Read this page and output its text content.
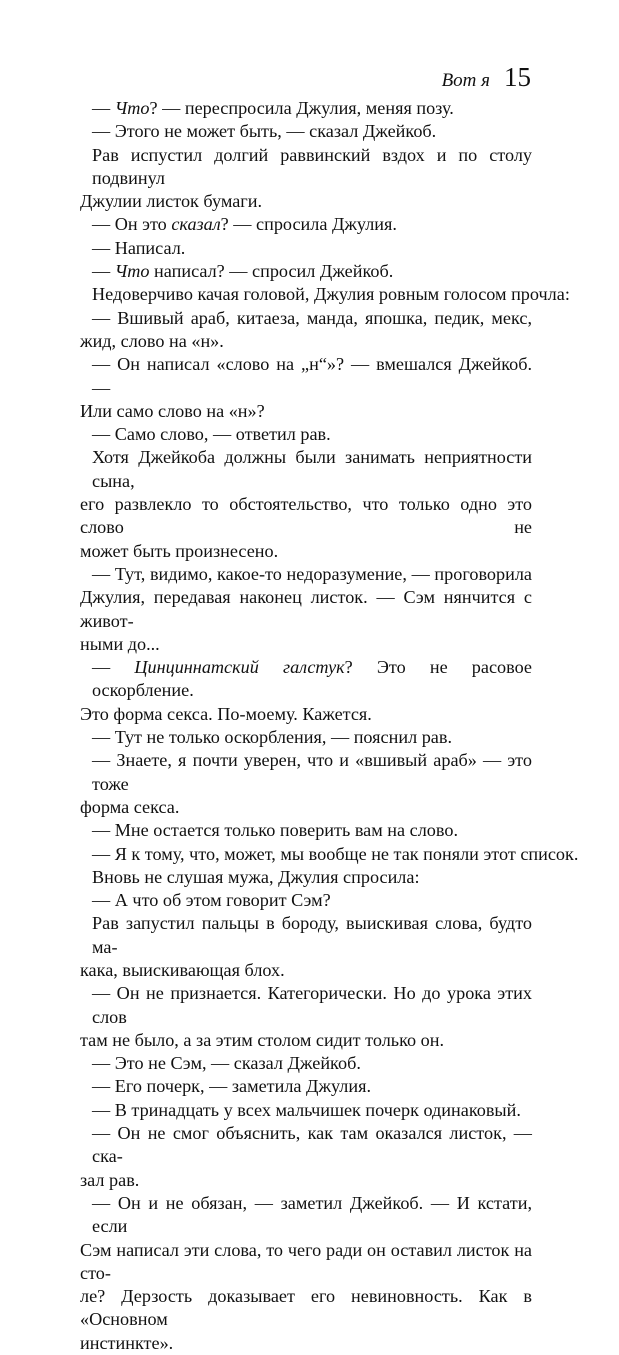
Вот я 15

— Что? — переспросила Джулия, меняя позу.

— Этого не может быть, — сказал Джейкоб.

Рав испустил долгий раввинский вздох и по столу подвинул
Джулии листок бумаги.

— Он это сказал? — спросила Джулия.

— Написал.

— Что написал? — спросил Джейкоб.

Недоверчиво качая головой, Джулия ровным голосом прочла:

— Вшивый араб, китаеза, манда, япошка, педик, мекс,
жид, слово на «н».

— Он написал «слово на „н“»? — вмешался Джейкоб. —
Или само слово на «н»?

— Само слово, — ответил рав.

Хотя Джейкоба должны были занимать неприятности сына,
его развлекло то обстоятельство, что только одно это слово не
может быть произнесено.

— Тут, видимо, какое-то недоразумение, — проговорила
Джулия, передавая наконец листок. — Сэм нянчится с живот-
ными до...

— Цинциннатский галстук? Это не расовое оскорбление.
Это форма секса. По-моему. Кажется.

— Тут не только оскорбления, — пояснил рав.

— Знаете, я почти уверен, что и «вшивый араб» — это тоже
форма секса.

— Мне остается только поверить вам на слово.

— Я к тому, что, может, мы вообще не так поняли этот список.

Вновь не слушая мужа, Джулия спросила:

— А что об этом говорит Сэм?

Рав запустил пальцы в бороду, выискивая слова, будто ма-
кака, выискивающая блох.

— Он не признается. Категорически. Но до урока этих слов
там не было, а за этим столом сидит только он.

— Это не Сэм, — сказал Джейкоб.

— Его почерк, — заметила Джулия.

— В тринадцать у всех мальчишек почерк одинаковый.

— Он не смог объяснить, как там оказался листок, — ска-
зал рав.

— Он и не обязан, — заметил Джейкоб. — И кстати, если
Сэм написал эти слова, то чего ради он оставил листок на сто-
ле? Дерзость доказывает его невиновность. Как в «Основном
инстинкте».
